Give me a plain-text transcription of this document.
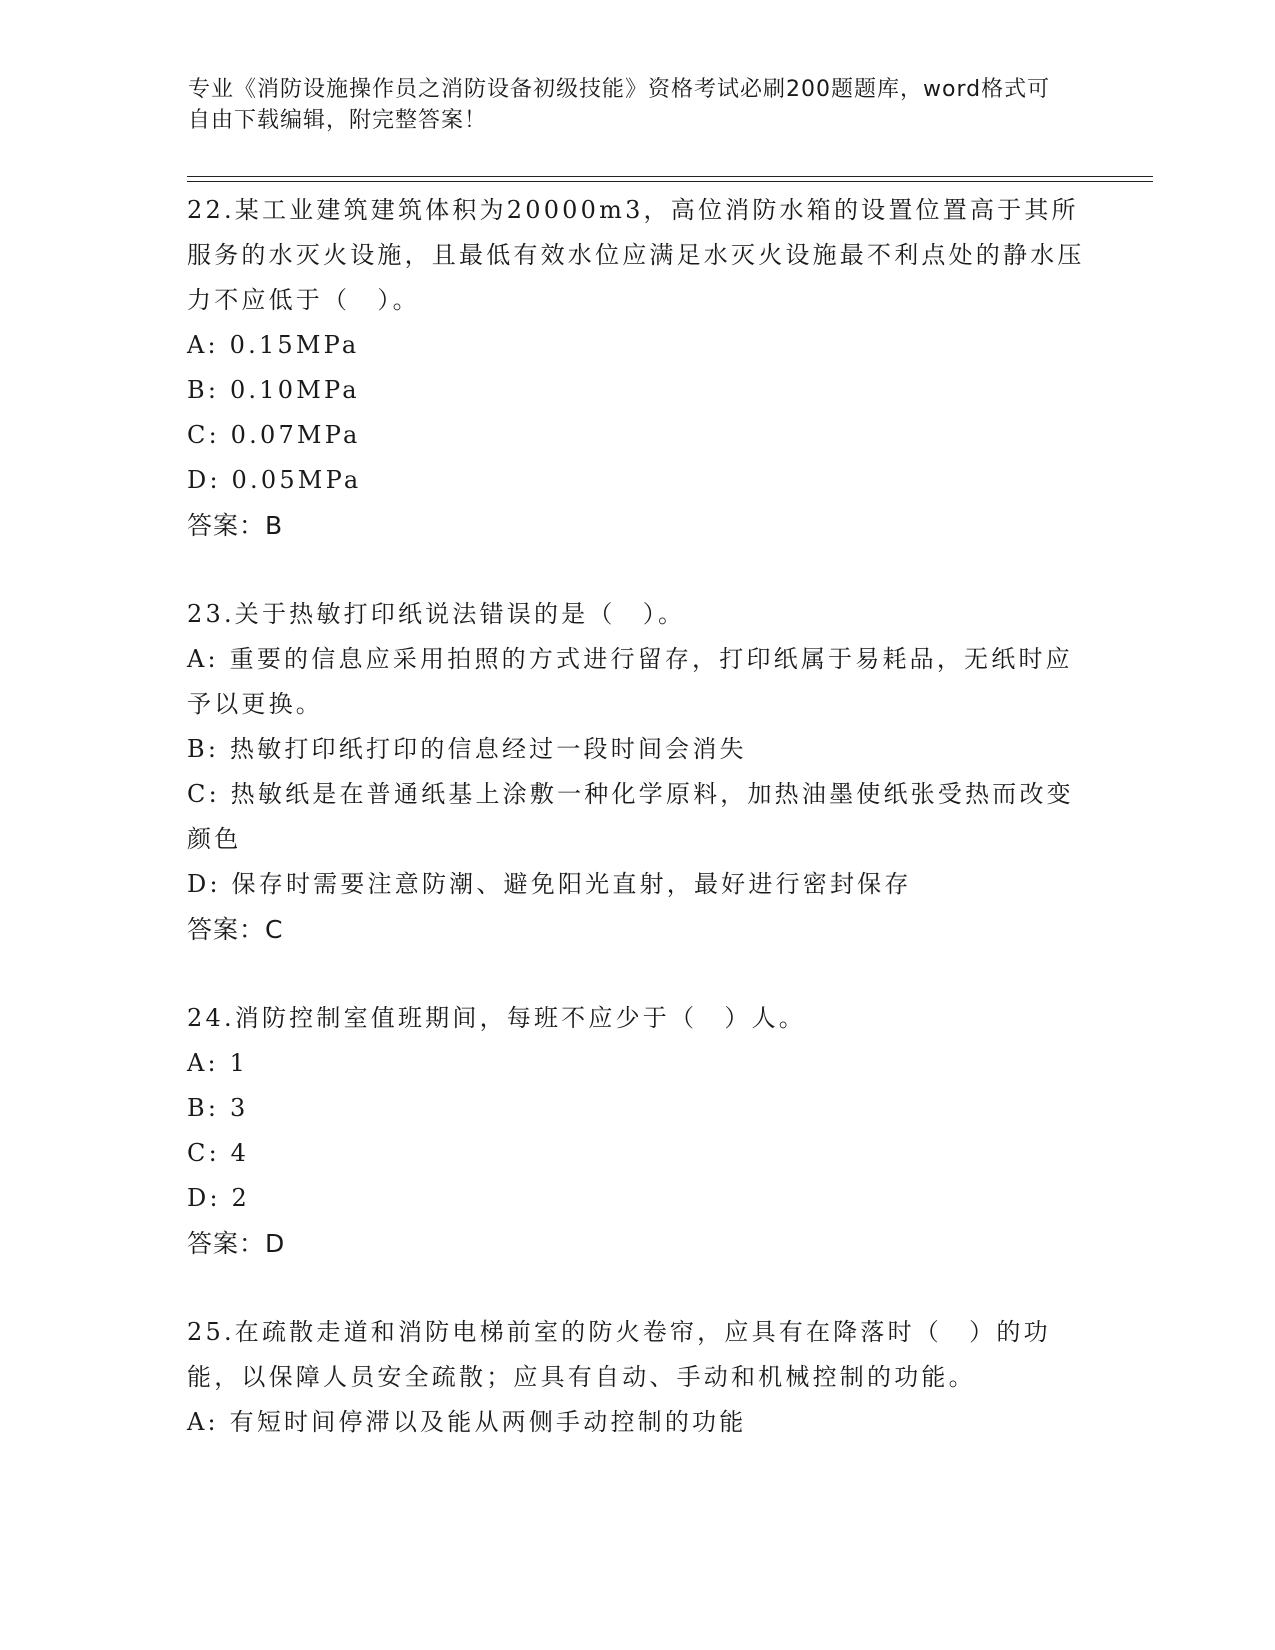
专业《消防设施操作员之消防设备初级技能》资格考试必刷200题题库，word格式可自由下载编辑，附完整答案！

22.某工业建筑建筑体积为20000m3，高位消防水箱的设置位置高于其所服务的水灭火设施，且最低有效水位应满足水灭火设施最不利点处的静水压力不应低于（　）。

A: 0.15MPa

B: 0.10MPa

C: 0.07MPa

D: 0.05MPa

答案：B

23.关于热敏打印纸说法错误的是（　）。

A: 重要的信息应采用拍照的方式进行留存，打印纸属于易耗品，无纸时应予以更换。

B: 热敏打印纸打印的信息经过一段时间会消失

C: 热敏纸是在普通纸基上涂敷一种化学原料，加热油墨使纸张受热而改变颜色

D: 保存时需要注意防潮、避免阳光直射，最好进行密封保存

答案：C

24.消防控制室值班期间，每班不应少于（　）人。

A: 1

B: 3

C: 4

D: 2

答案：D

25.在疏散走道和消防电梯前室的防火卷帘，应具有在降落时（　）的功能，以保障人员安全疏散；应具有自动、手动和机械控制的功能。

A: 有短时间停滞以及能从两侧手动控制的功能
